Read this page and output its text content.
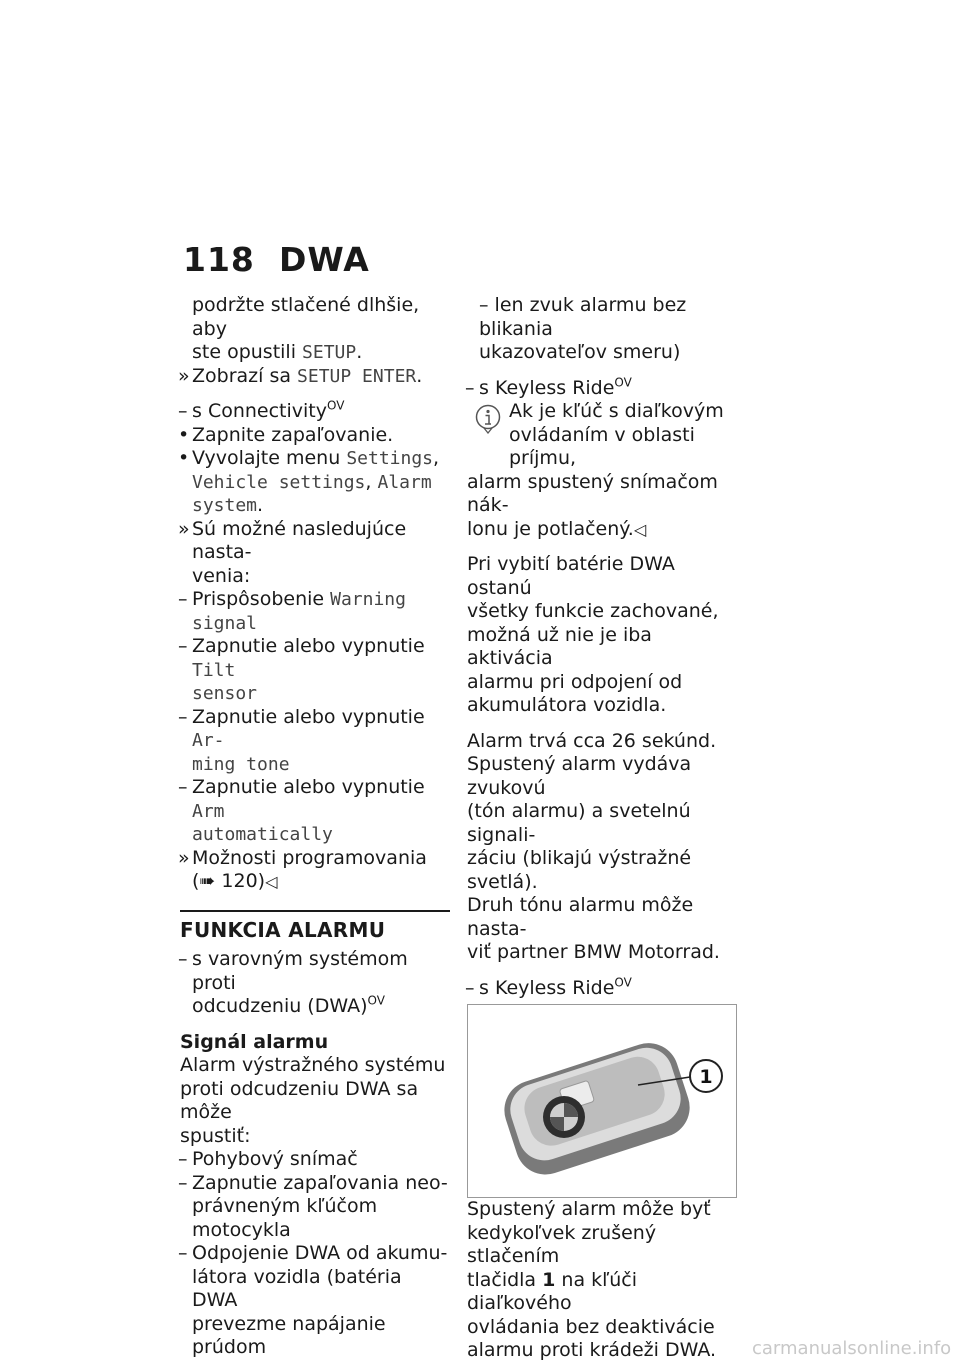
118 DWA
podržte stlačené dlhšie, aby
ste opustili SETUP.
» Zobrazí sa SETUP ENTER.
– s Connectivity$^{OV}$
• Zapnite zapaľovanie.
• Vyvolajte menu Settings,
Vehicle settings, Alarm
system.
» Sú možné nasledujúce nasta-
venia:
– Prispôsobenie Warning
signal
– Zapnutie alebo vypnutie Tilt
sensor
– Zapnutie alebo vypnutie Ar-
ming tone
– Zapnutie alebo vypnutie Arm
automatically
» Možnosti programovania
(➠ 120)◁
FUNKCIA ALARMU
– s varovným systémom proti
odcudzeniu (DWA)$^{OV}$
Signál alarmu
Alarm výstražného systému
proti odcudzeniu DWA sa môže
spustiť:
– Pohybový snímač
– Zapnutie zapaľovania neo-
právneným kľúčom motocykla
– Odpojenie DWA od akumu-
látora vozidla (batéria DWA
prevezme napájanie prúdom
– len zvuk alarmu bez blikania
ukazovateľov smeru)
– s Keyless Ride$^{OV}$
Ak je kľúč s diaľkovým
ovládaním v oblasti príjmu,
alarm spustený snímačom nák-
lonu je potlačený.◁
Pri vybití batérie DWA ostanú
všetky funkcie zachované,
možná už nie je iba aktivácia
alarmu pri odpojení od
akumulátora vozidla.
Alarm trvá cca 26 sekúnd.
Spustený alarm vydáva zvukovú
(tón alarmu) a svetelnú signali-
záciu (blikajú výstražné svetlá).
Druh tónu alarmu môže nasta-
viť partner BMW Motorrad.
– s Keyless Ride$^{OV}$
1
Spustený alarm môže byť
kedykoľvek zrušený stlačením
tlačidla 1 na kľúči diaľkového
ovládania bez deaktivácie
alarmu proti krádeži DWA.	carmanualsonline.info
